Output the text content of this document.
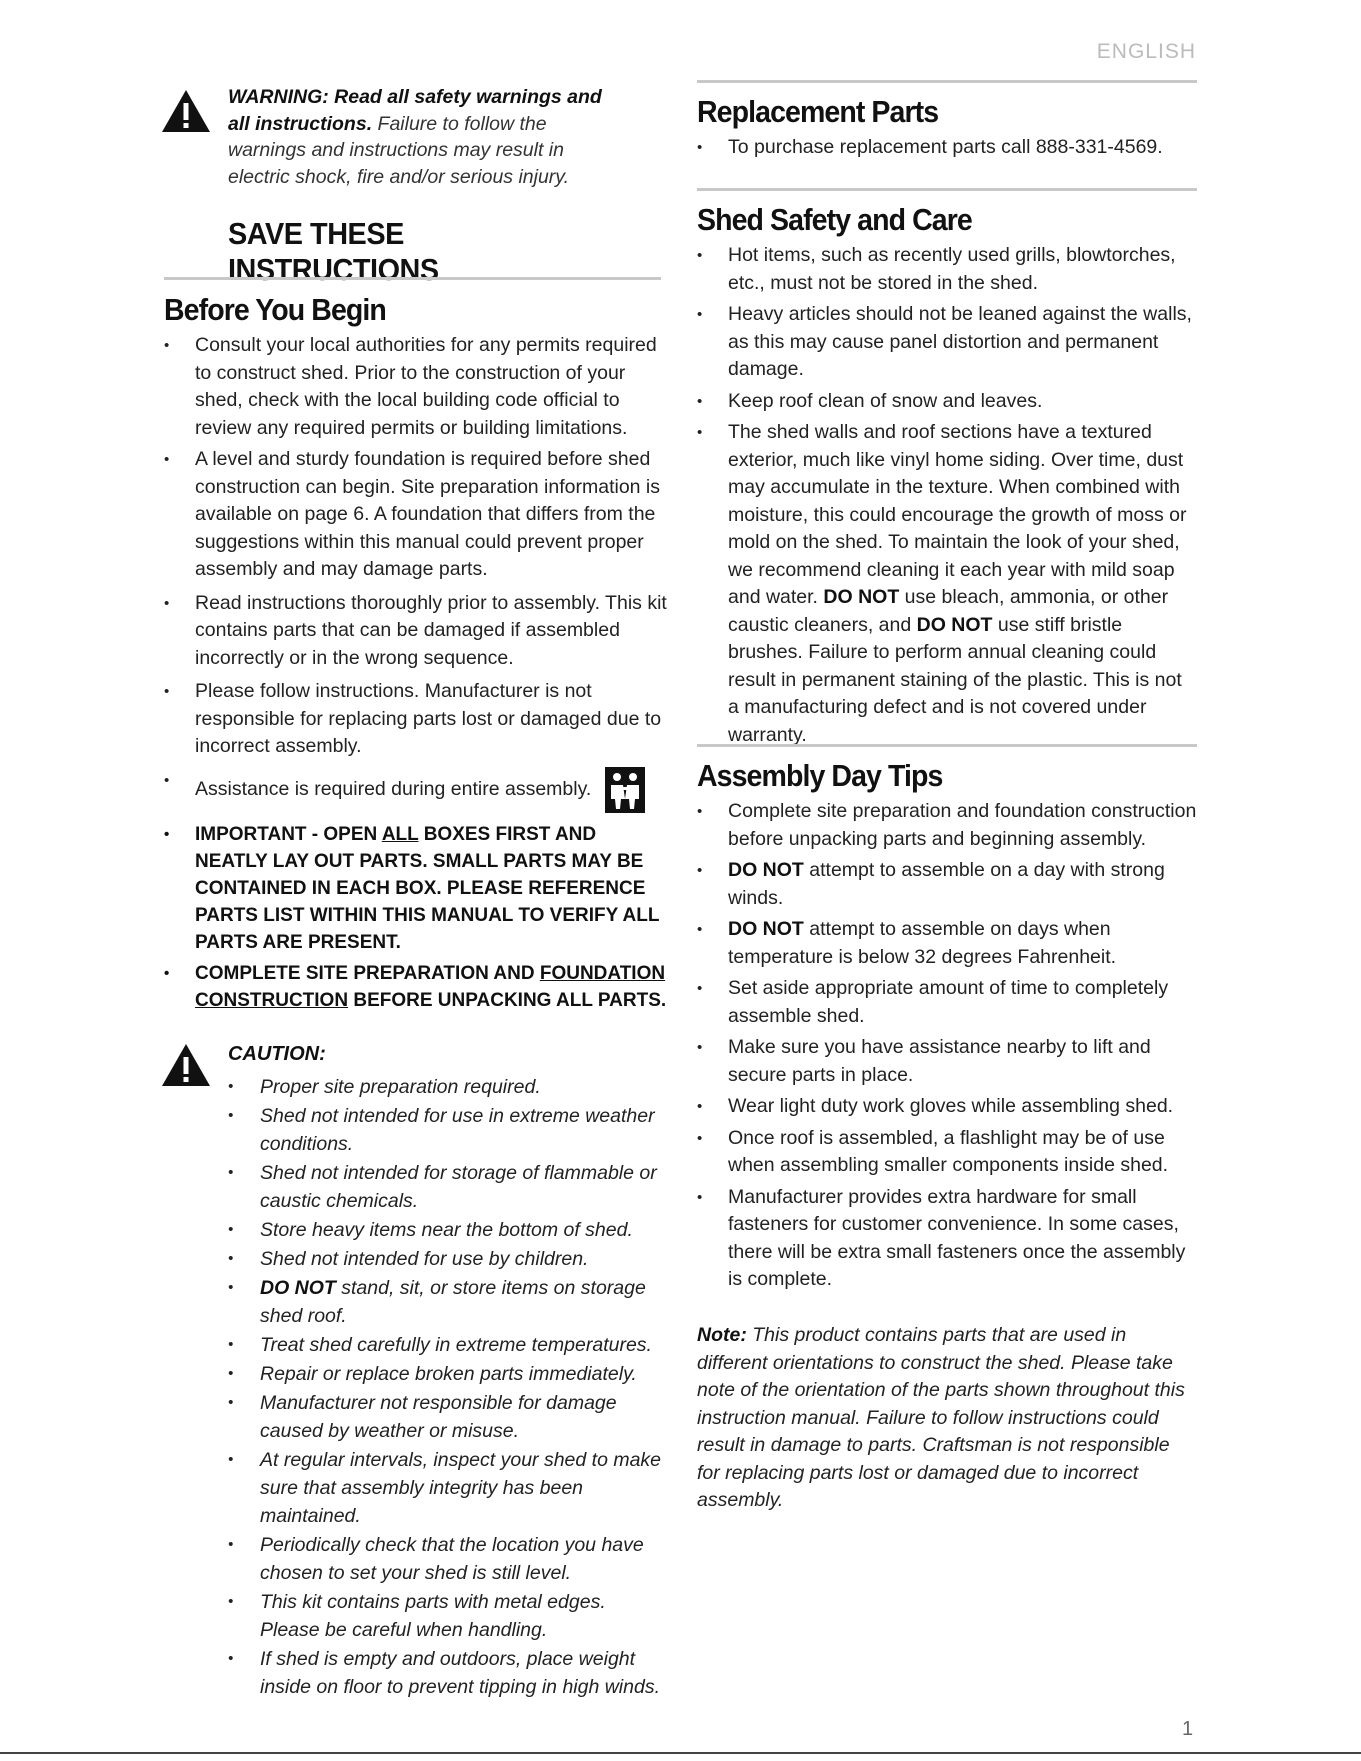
ENGLISH
WARNING: Read all safety warnings and all instructions. Failure to follow the warnings and instructions may result in electric shock, fire and/or serious injury.
SAVE THESE INSTRUCTIONS
Before You Begin
• Consult your local authorities for any permits required to construct shed. Prior to the construction of your shed, check with the local building code official to review any required permits or building limitations.
• A level and sturdy foundation is required before shed construction can begin. Site preparation information is available on page 6. A foundation that differs from the suggestions within this manual could prevent proper assembly and may damage parts.
• Read instructions thoroughly prior to assembly. This kit contains parts that can be damaged if assembled incorrectly or in the wrong sequence.
• Please follow instructions. Manufacturer is not responsible for replacing parts lost or damaged due to incorrect assembly.
• Assistance is required during entire assembly.
• IMPORTANT - OPEN ALL BOXES FIRST AND NEATLY LAY OUT PARTS. SMALL PARTS MAY BE CONTAINED IN EACH BOX. PLEASE REFERENCE PARTS LIST WITHIN THIS MANUAL TO VERIFY ALL PARTS ARE PRESENT.
• COMPLETE SITE PREPARATION AND FOUNDATION CONSTRUCTION BEFORE UNPACKING ALL PARTS.
CAUTION:
• Proper site preparation required.
• Shed not intended for use in extreme weather conditions.
• Shed not intended for storage of flammable or caustic chemicals.
• Store heavy items near the bottom of shed.
• Shed not intended for use by children.
• DO NOT stand, sit, or store items on storage shed roof.
• Treat shed carefully in extreme temperatures.
• Repair or replace broken parts immediately.
• Manufacturer not responsible for damage caused by weather or misuse.
• At regular intervals, inspect your shed to make sure that assembly integrity has been maintained.
• Periodically check that the location you have chosen to set your shed is still level.
• This kit contains parts with metal edges. Please be careful when handling.
• If shed is empty and outdoors, place weight inside on floor to prevent tipping in high winds.
Replacement Parts
• To purchase replacement parts call 888-331-4569.
Shed Safety and Care
• Hot items, such as recently used grills, blowtorches, etc., must not be stored in the shed.
• Heavy articles should not be leaned against the walls, as this may cause panel distortion and permanent damage.
• Keep roof clean of snow and leaves.
• The shed walls and roof sections have a textured exterior, much like vinyl home siding. Over time, dust may accumulate in the texture. When combined with moisture, this could encourage the growth of moss or mold on the shed. To maintain the look of your shed, we recommend cleaning it each year with mild soap and water. DO NOT use bleach, ammonia, or other caustic cleaners, and DO NOT use stiff bristle brushes. Failure to perform annual cleaning could result in permanent staining of the plastic. This is not a manufacturing defect and is not covered under warranty.
Assembly Day Tips
• Complete site preparation and foundation construction before unpacking parts and beginning assembly.
• DO NOT attempt to assemble on a day with strong winds.
• DO NOT attempt to assemble on days when temperature is below 32 degrees Fahrenheit.
• Set aside appropriate amount of time to completely assemble shed.
• Make sure you have assistance nearby to lift and secure parts in place.
• Wear light duty work gloves while assembling shed.
• Once roof is assembled, a flashlight may be of use when assembling smaller components inside shed.
• Manufacturer provides extra hardware for small fasteners for customer convenience. In some cases, there will be extra small fasteners once the assembly is complete.
Note: This product contains parts that are used in different orientations to construct the shed. Please take note of the orientation of the parts shown throughout this instruction manual. Failure to follow instructions could result in damage to parts. Craftsman is not responsible for replacing parts lost or damaged due to incorrect assembly.
1
